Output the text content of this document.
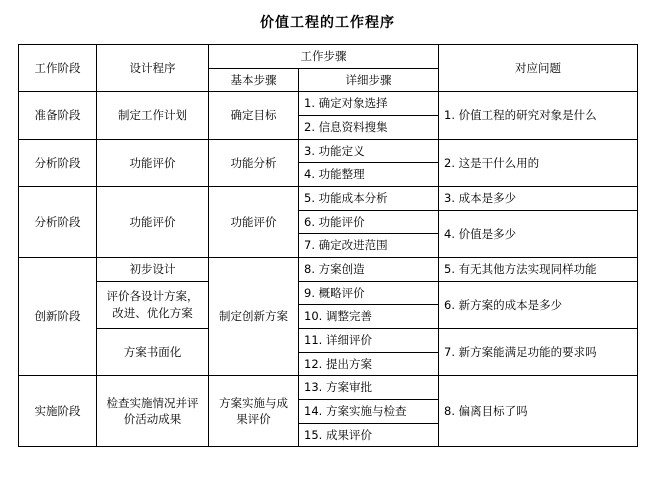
价值工程的工作程序
工作阶段	设计程序	工作步骤		对应问题
		基本步骤	详细步骤	
准备阶段	制定工作计划	确定目标	1. 确定对象选择	1. 价值工程的研究对象是什么
			2. 信息资料搜集	
分析阶段	功能评价	功能分析	3. 功能定义	2. 这是干什么用的
			4. 功能整理	
分析阶段	功能评价	功能评价	5. 功能成本分析	3. 成本是多少
			6. 功能评价	4. 价值是多少
			7. 确定改进范围	
创新阶段	初步设计	制定创新方案	8. 方案创造	5. 有无其他方法实现同样功能
	评价各设计方案，改进、优化方案		9. 概略评价	6. 新方案的成本是多少
			10. 调整完善	
	方案书面化		11. 详细评价	7. 新方案能满足功能的要求吗
			12. 提出方案	
实施阶段	检查实施情况并评价活动成果	方案实施与成果评价	13. 方案审批	8. 偏离目标了吗
			14. 方案实施与检查	
			15. 成果评价	
